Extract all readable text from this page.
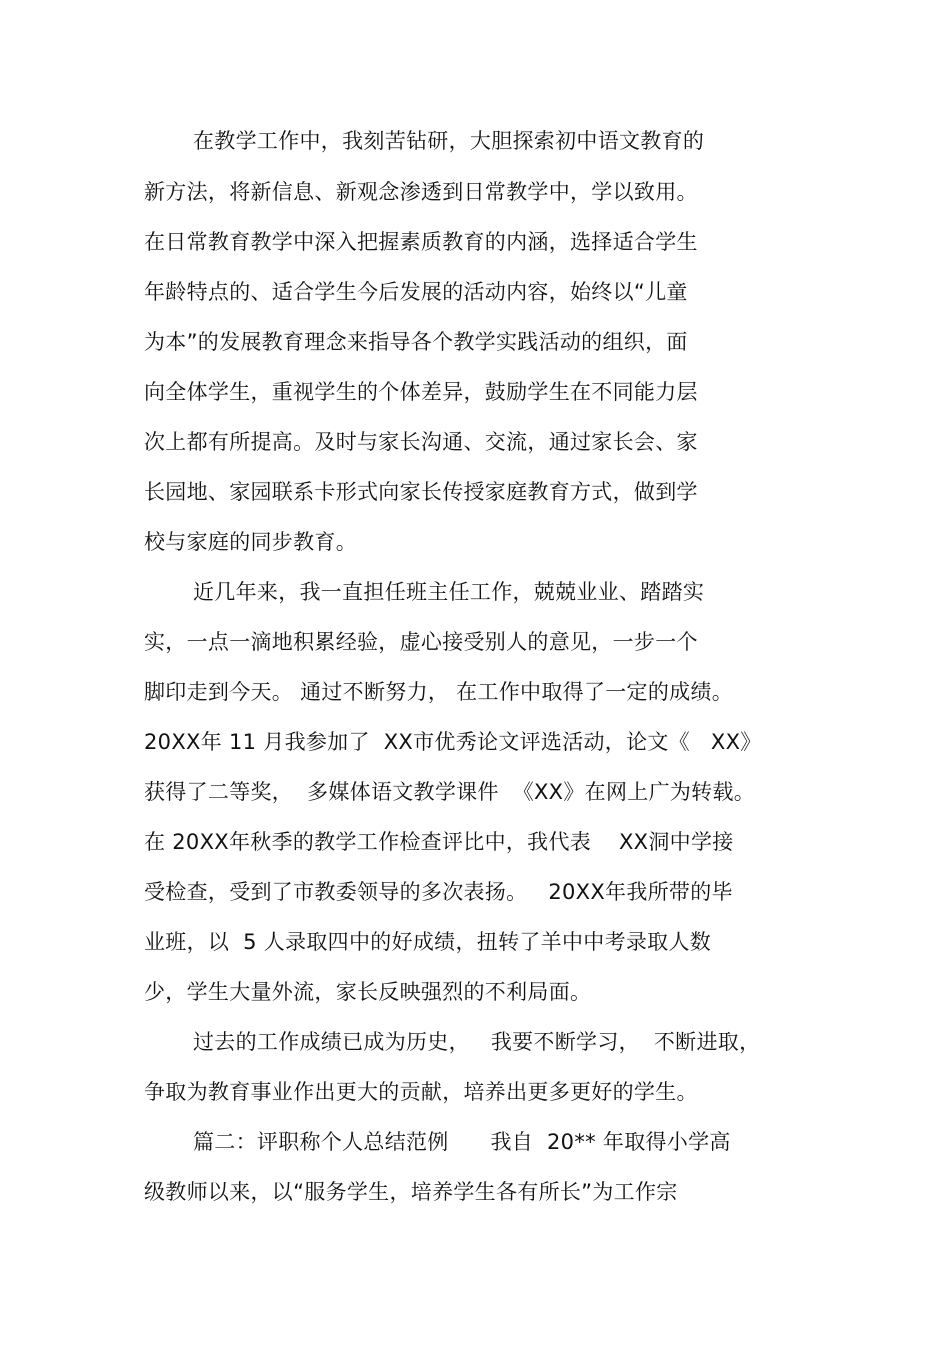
在教学工作中，我刻苦钻研，大胆探索初中语文教育的
新方法，将新信息、新观念渗透到日常教学中，学以致用。
在日常教育教学中深入把握素质教育的内涵，选择适合学生
年龄特点的、适合学生今后发展的活动内容，始终以“儿童
为本”的发展教育理念来指导各个教学实践活动的组织，面
向全体学生，重视学生的个体差异，鼓励学生在不同能力层
次上都有所提高。及时与家长沟通、交流，通过家长会、家
长园地、家园联系卡形式向家长传授家庭教育方式，做到学
校与家庭的同步教育。
近几年来，我一直担任班主任工作，兢兢业业、踏踏实
实，一点一滴地积累经验，虚心接受别人的意见，一步一个
脚印走到今天。 通过不断努力， 在工作中取得了一定的成绩。
20XX年 11 月我参加了  XX市优秀论文评选活动，论文《   XX》
获得了二等奖，  多媒体语文教学课件  《XX》在网上广为转载。
在 20XX年秋季的教学工作检查评比中，我代表    XX洞中学接
受检查，受到了市教委领导的多次表扬。   20XX年我所带的毕
业班，以  5 人录取四中的好成绩，扭转了羊中中考录取人数
少，学生大量外流，家长反映强烈的不利局面。
过去的工作成绩已成为历史，   我要不断学习，  不断进取，
争取为教育事业作出更大的贡献，培养出更多更好的学生。
篇二：评职称个人总结范例      我自  20** 年取得小学高
级教师以来，以“服务学生，培养学生各有所长”为工作宗
